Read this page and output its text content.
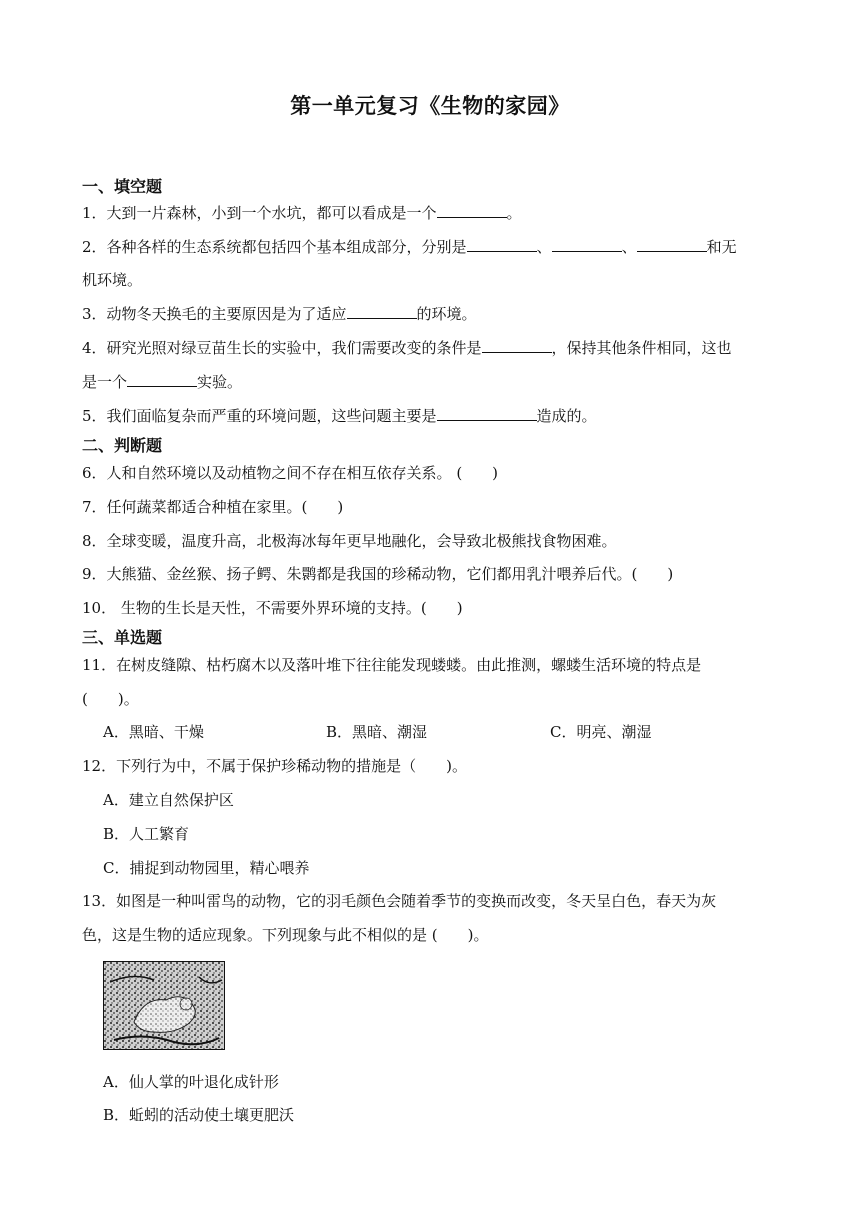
第一单元复习《生物的家园》
一、填空题
1．大到一片森林，小到一个水坑，都可以看成是一个	。
2．各种各样的生态系统都包括四个基本组成部分，分别是	、	、	和无
机环境。
3．动物冬天换毛的主要原因是为了适应	的环境。
4．研究光照对绿豆苗生长的实验中，我们需要改变的条件是	，保持其他条件相同，这也
是一个	实验。
5．我们面临复杂而严重的环境问题，这些问题主要是	造成的。
二、判断题
6．人和自然环境以及动植物之间不存在相互依存关系。 (　　)
7．任何蔬菜都适合种植在家里。(　　)
8．全球变暖，温度升高，北极海冰每年更早地融化，会导致北极熊找食物困难。
9．大熊猫、金丝猴、扬子鳄、朱鹮都是我国的珍稀动物，它们都用乳汁喂养后代。(　　)
10． 生物的生长是天性，不需要外界环境的支持。(　　)
三、单选题
11．在树皮缝隙、枯朽腐木以及落叶堆下往往能发现蝼蝼。由此推测，螺蝼生活环境的特点是
(　　)。
A．黑暗、干燥	B．黑暗、潮湿	C．明亮、潮湿
12．下列行为中，不属于保护珍稀动物的措施是（　　)。
A．建立自然保护区
B．人工繁育
C．捕捉到动物园里，精心喂养
13．如图是一种叫雷鸟的动物，它的羽毛颜色会随着季节的变换而改变，冬天呈白色，春天为灰
色，这是生物的适应现象。下列现象与此不相似的是 (　　)。
A．仙人掌的叶退化成针形
B．蚯蚓的活动使土壤更肥沃
